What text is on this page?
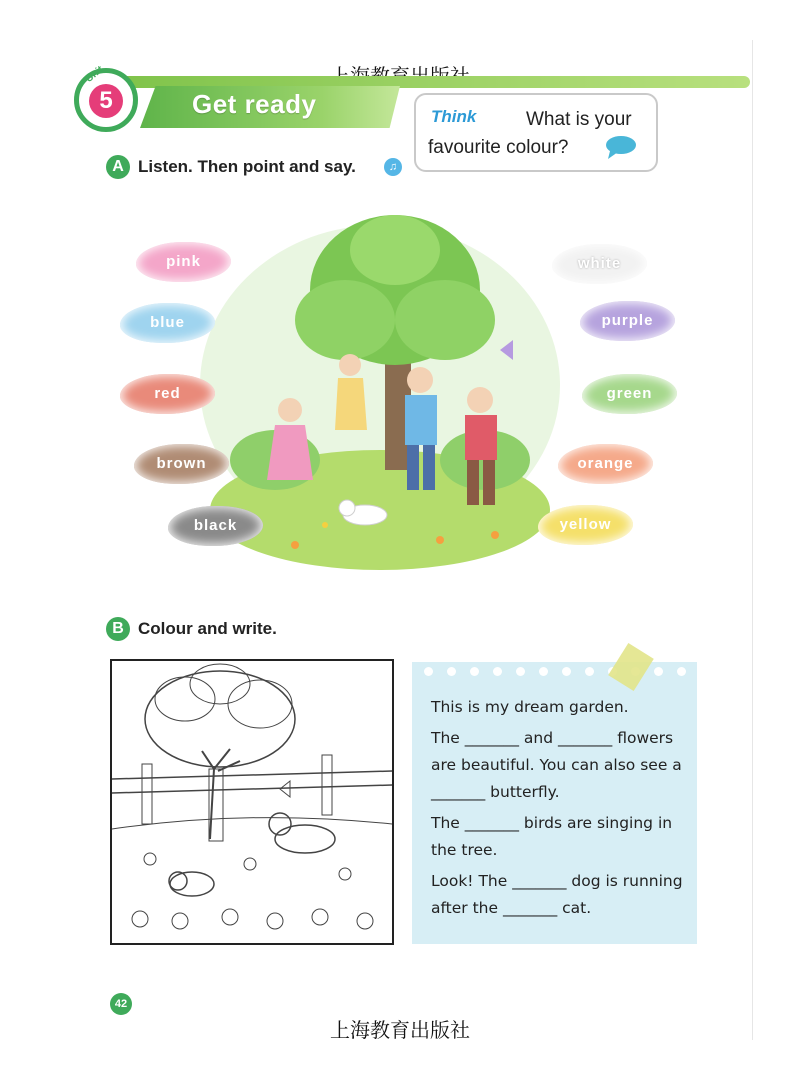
Get ready
Unit
5
Think	What is your
favourite colour?
A Listen. Then point and say.	♫
pink
blue
red
brown
black
white
purple
green
orange
yellow
B Colour and write.
This is my dream garden.
The _______ and _______ flowers
are beautiful. You can also see a
_______ butterfly.
The _______ birds are singing in
the tree.
Look! The _______ dog is running
after the _______ cat.
42
上海教育出版社
